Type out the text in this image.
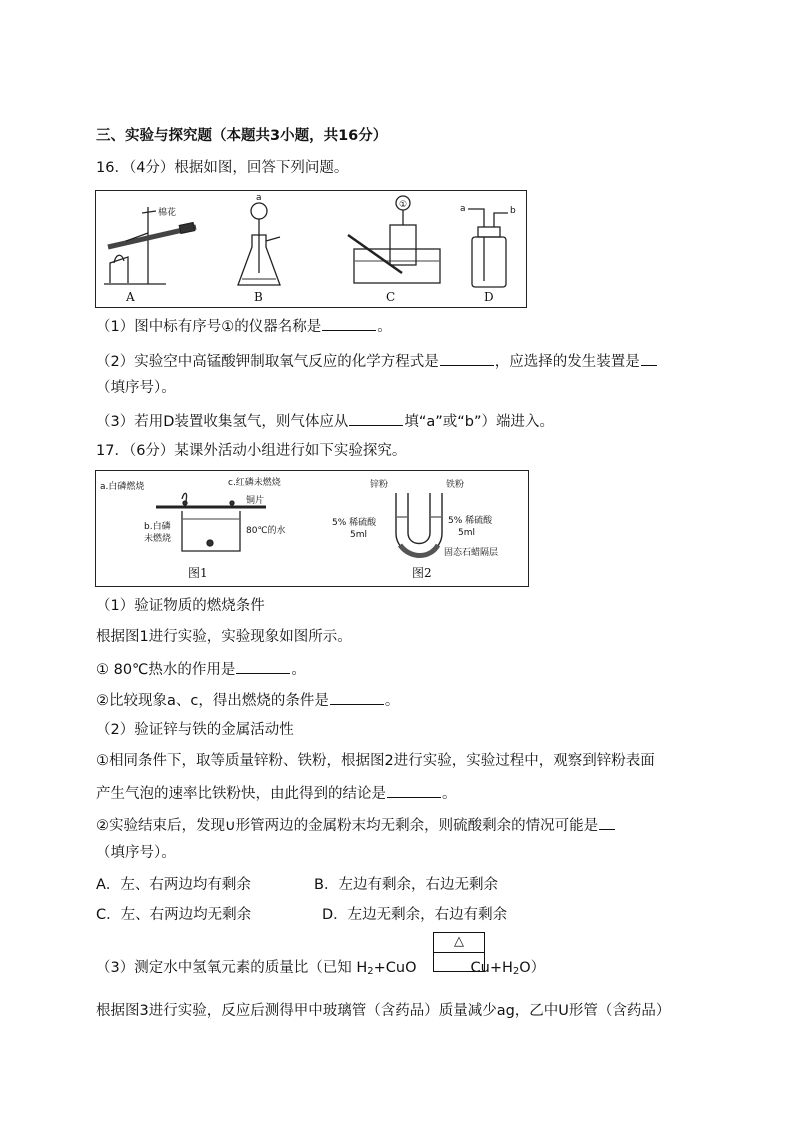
三、实验与探究题（本题共3小题，共16分）
16．（4分）根据如图，回答下列问题。
棉花
A
a
B
①
C
a	b
D
（1）图中标有序号①的仪器名称是	。
（2）实验空中高锰酸钾制取氧气反应的化学方程式是	，应选择的发生装置是
（填序号）。
（3）若用D装置收集氢气，则气体应从	填“a”或“b”）端进入。
17．（6分）某课外活动小组进行如下实验探究。
a.白磷燃烧	c.红磷未燃烧
铜片
b.白磷
未燃烧
80℃的水
图1
锌粉	铁粉
5% 稀硫酸
5ml
5% 稀硫酸
5ml
固态石蜡隔层
图2
（1）验证物质的燃烧条件
根据图1进行实验，实验现象如图所示。
① 80℃热水的作用是	。
②比较现象a、c，得出燃烧的条件是	。
（2）验证锌与铁的金属活动性
①相同条件下，取等质量锌粉、铁粉，根据图2进行实验，实验过程中，观察到锌粉表面
产生气泡的速率比铁粉快，由此得到的结论是	。
②实验结束后，发现∪形管两边的金属粉末均无剩余，则硫酸剩余的情况可能是
（填序号）。
A．左、右两边均有剩余	B．左边有剩余，右边无剩余
C．左、右两边均无剩余	D．左边无剩余，右边有剩余
（3）测定水中氢氧元素的质量比（已知 $H_2+CuO$	$Cu+H_2O$）
△
根据图3进行实验，反应后测得甲中玻璃管（含药品）质量减少ag，乙中U形管（含药品）
